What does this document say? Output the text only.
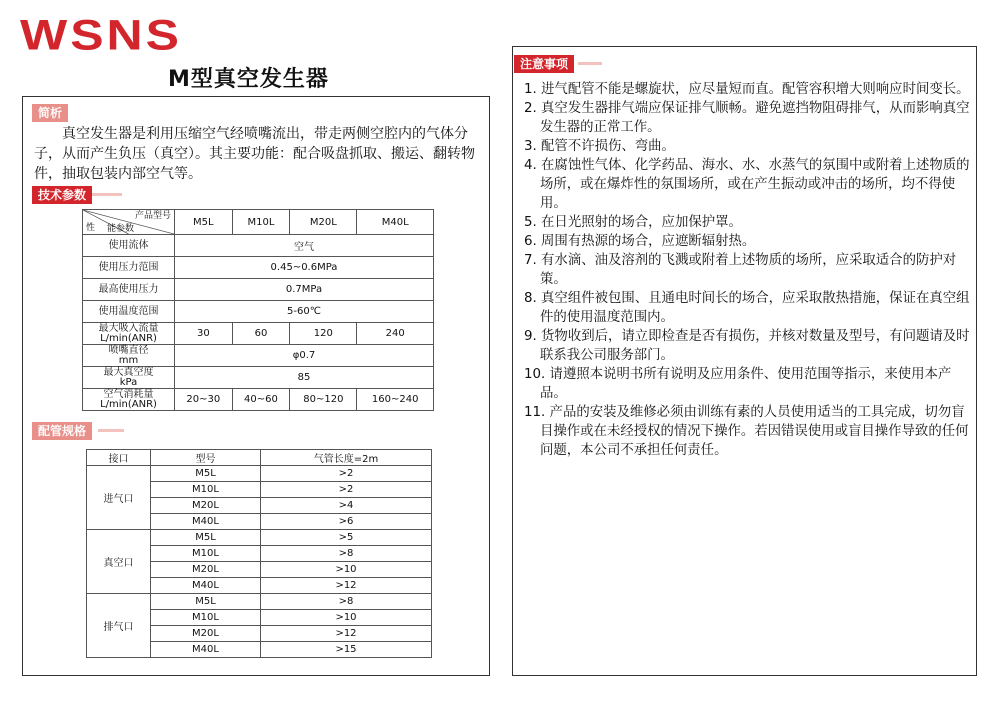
WSNS
M型真空发生器
简析
　　真空发生器是利用压缩空气经喷嘴流出，带走两侧空腔内的气体分子，从而产生负压（真空）。其主要功能：配合吸盘抓取、搬运、翻转物件，抽取包装内部空气等。
技术参数
性 能参数
产品型号	M5L	M10L	M20L	M40L
使用流体	空气			
使用压力范围	0.45~0.6MPa			
最高使用压力	0.7MPa			
使用温度范围	5-60℃			
最大吸入流量
L/min(ANR)	30	60	120	240
喷嘴直径
mm	φ0.7			
最大真空度
kPa	85			
空气消耗量
L/min(ANR)	20~30	40~60	80~120	160~240
配管规格
接口	型号	气管长度=2m
进气口	M5L	>2
	M10L	>2
	M20L	>4
	M40L	>6
真空口	M5L	>5
	M10L	>8
	M20L	>10
	M40L	>12
排气口	M5L	>8
	M10L	>10
	M20L	>12
	M40L	>15
注意事项
1. 进气配管不能是螺旋状，应尽量短而直。配管容积增大则响应时间变长。
2. 真空发生器排气端应保证排气顺畅。避免遮挡物阻碍排气，从而影响真空发生器的正常工作。
3. 配管不许损伤、弯曲。
4. 在腐蚀性气体、化学药品、海水、水、水蒸气的氛围中或附着上述物质的场所，或在爆炸性的氛围场所，或在产生振动或冲击的场所，均不得使用。
5. 在日光照射的场合，应加保护罩。
6. 周围有热源的场合，应遮断辐射热。
7. 有水滴、油及溶剂的飞溅或附着上述物质的场所，应采取适合的防护对策。
8. 真空组件被包围、且通电时间长的场合，应采取散热措施，保证在真空组件的使用温度范围内。
9. 货物收到后，请立即检查是否有损伤，并核对数量及型号，有问题请及时联系我公司服务部门。
10. 请遵照本说明书所有说明及应用条件、使用范围等指示，来使用本产品。
11. 产品的安装及维修必须由训练有素的人员使用适当的工具完成，切勿盲目操作或在未经授权的情况下操作。若因错误使用或盲目操作导致的任何问题，本公司不承担任何责任。
